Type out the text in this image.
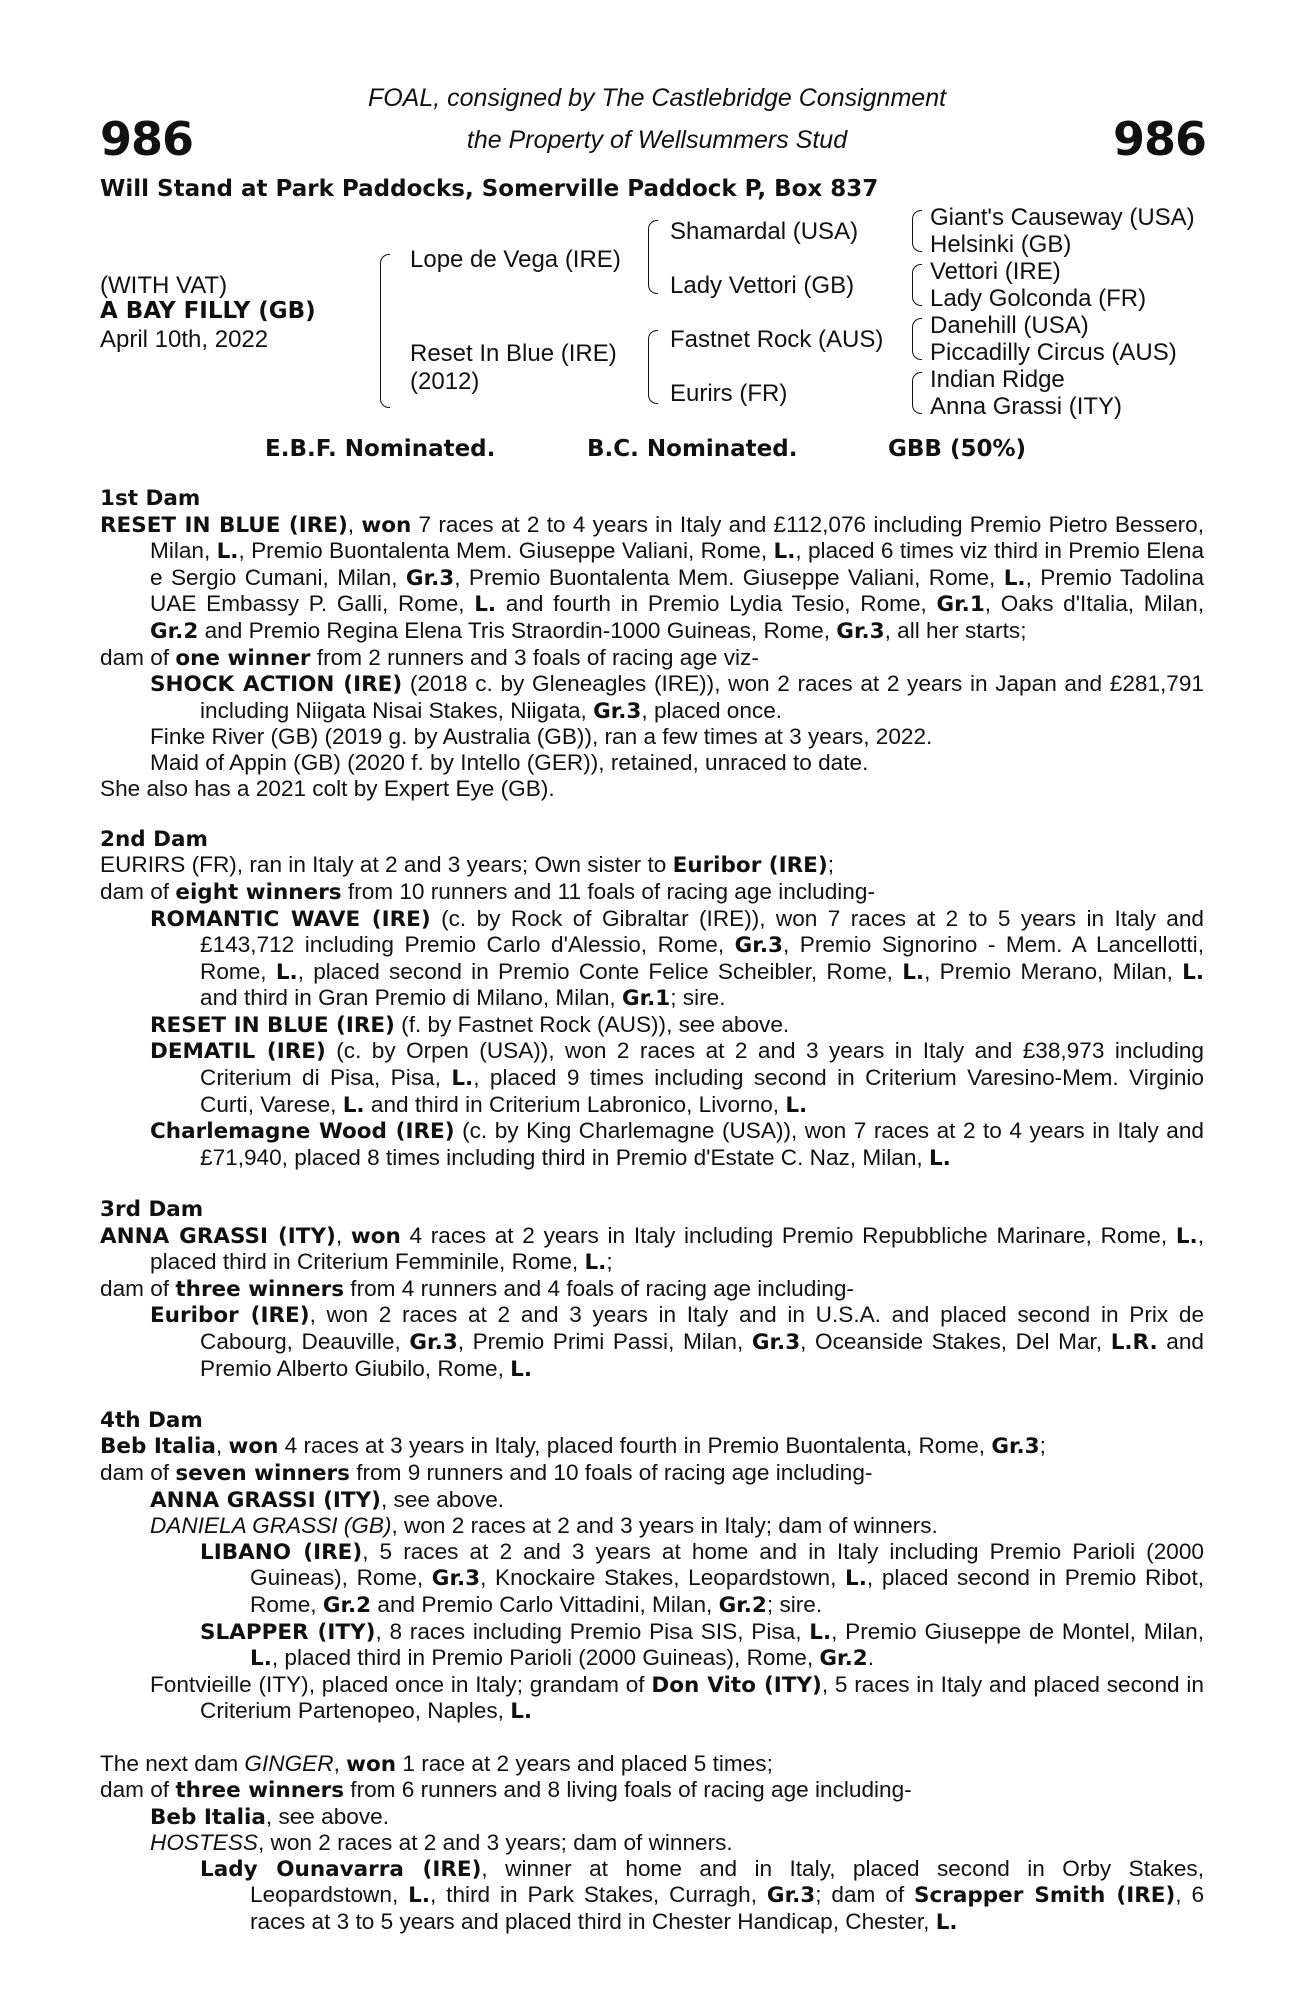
986	986
FOAL, consigned by The Castlebridge Consignment
the Property of Wellsummers Stud
Will Stand at Park Paddocks, Somerville Paddock P, Box 837
(WITH VAT)
A BAY FILLY (GB)
April 10th, 2022
Lope de Vega (IRE)
Reset In Blue (IRE)
(2012)
Shamardal (USA)
Lady Vettori (GB)
Fastnet Rock (AUS)
Eurirs (FR)
Giant's Causeway (USA)
Helsinki (GB)
Vettori (IRE)
Lady Golconda (FR)
Danehill (USA)
Piccadilly Circus (AUS)
Indian Ridge
Anna Grassi (ITY)
E.B.F. Nominated.	B.C. Nominated.	GBB (50%)

1st Dam

RESET IN BLUE (IRE), won 7 races at 2 to 4 years in Italy and £112,076 including Premio Pietro Bessero, Milan, L., Premio Buontalenta Mem. Giuseppe Valiani, Rome, L., placed 6 times viz third in Premio Elena e Sergio Cumani, Milan, Gr.3, Premio Buontalenta Mem. Giuseppe Valiani, Rome, L., Premio Tadolina UAE Embassy P. Galli, Rome, L. and fourth in Premio Lydia Tesio, Rome, Gr.1, Oaks d'Italia, Milan, Gr.2 and Premio Regina Elena Tris Straordin-1000 Guineas, Rome, Gr.3, all her starts;

dam of one winner from 2 runners and 3 foals of racing age viz-

SHOCK ACTION (IRE) (2018 c. by Gleneagles (IRE)), won 2 races at 2 years in Japan and £281,791 including Niigata Nisai Stakes, Niigata, Gr.3, placed once.

Finke River (GB) (2019 g. by Australia (GB)), ran a few times at 3 years, 2022.

Maid of Appin (GB) (2020 f. by Intello (GER)), retained, unraced to date.

She also has a 2021 colt by Expert Eye (GB).

2nd Dam

EURIRS (FR), ran in Italy at 2 and 3 years; Own sister to Euribor (IRE);

dam of eight winners from 10 runners and 11 foals of racing age including-

ROMANTIC WAVE (IRE) (c. by Rock of Gibraltar (IRE)), won 7 races at 2 to 5 years in Italy and £143,712 including Premio Carlo d'Alessio, Rome, Gr.3, Premio Signorino - Mem. A Lancellotti, Rome, L., placed second in Premio Conte Felice Scheibler, Rome, L., Premio Merano, Milan, L. and third in Gran Premio di Milano, Milan, Gr.1; sire.

RESET IN BLUE (IRE) (f. by Fastnet Rock (AUS)), see above.

DEMATIL (IRE) (c. by Orpen (USA)), won 2 races at 2 and 3 years in Italy and £38,973 including Criterium di Pisa, Pisa, L., placed 9 times including second in Criterium Varesino-Mem. Virginio Curti, Varese, L. and third in Criterium Labronico, Livorno, L.

Charlemagne Wood (IRE) (c. by King Charlemagne (USA)), won 7 races at 2 to 4 years in Italy and £71,940, placed 8 times including third in Premio d'Estate C. Naz, Milan, L.

3rd Dam

ANNA GRASSI (ITY), won 4 races at 2 years in Italy including Premio Repubbliche Marinare, Rome, L., placed third in Criterium Femminile, Rome, L.;

dam of three winners from 4 runners and 4 foals of racing age including-

Euribor (IRE), won 2 races at 2 and 3 years in Italy and in U.S.A. and placed second in Prix de Cabourg, Deauville, Gr.3, Premio Primi Passi, Milan, Gr.3, Oceanside Stakes, Del Mar, L.R. and Premio Alberto Giubilo, Rome, L.

4th Dam

Beb Italia, won 4 races at 3 years in Italy, placed fourth in Premio Buontalenta, Rome, Gr.3;

dam of seven winners from 9 runners and 10 foals of racing age including-

ANNA GRASSI (ITY), see above.

DANIELA GRASSI (GB), won 2 races at 2 and 3 years in Italy; dam of winners.

LIBANO (IRE), 5 races at 2 and 3 years at home and in Italy including Premio Parioli (2000 Guineas), Rome, Gr.3, Knockaire Stakes, Leopardstown, L., placed second in Premio Ribot, Rome, Gr.2 and Premio Carlo Vittadini, Milan, Gr.2; sire.

SLAPPER (ITY), 8 races including Premio Pisa SIS, Pisa, L., Premio Giuseppe de Montel, Milan, L., placed third in Premio Parioli (2000 Guineas), Rome, Gr.2.

Fontvieille (ITY), placed once in Italy; grandam of Don Vito (ITY), 5 races in Italy and placed second in Criterium Partenopeo, Naples, L.

The next dam GINGER, won 1 race at 2 years and placed 5 times;

dam of three winners from 6 runners and 8 living foals of racing age including-

Beb Italia, see above.

HOSTESS, won 2 races at 2 and 3 years; dam of winners.

Lady Ounavarra (IRE), winner at home and in Italy, placed second in Orby Stakes, Leopardstown, L., third in Park Stakes, Curragh, Gr.3; dam of Scrapper Smith (IRE), 6 races at 3 to 5 years and placed third in Chester Handicap, Chester, L.
